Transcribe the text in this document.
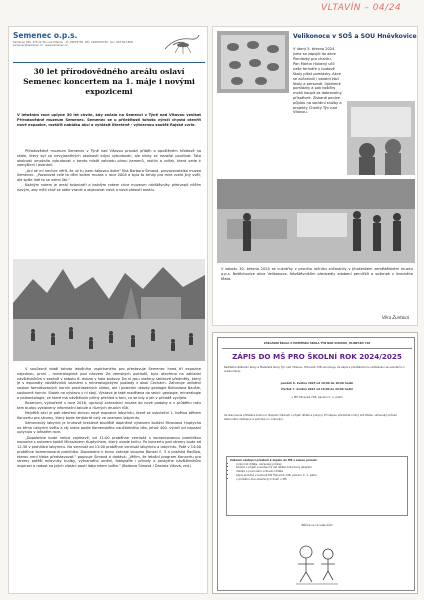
VLTAVÍN – 04/24
Semenec o.p.s.
Semenec 345, 373 24 Týn nad Vltavou · IČ: 28079736, DIČ: CZ28079736 · tel.: 603 503 808 · semenec@semenec.cz · www.semenec.cz
30 let přírodovědného areálu oslaví Semenec koncertem na 1. máje i novými expozicemi
V letošním roce uplyne 30 let chvíle, kdy začalo na Semenci v Týně nad Vltavou vznikat Přírodovědné muzeum Semenec. Semenec se u příležitosti tohoto výročí chystá otevřít nové expozice, rozšířit nabídku akcí a vyhlásit literárně - výtvarnou soutěž Rajské cvrle.

Přírodovědné muzeum Semenec v Týně nad Vltavou provází příběh o opuštěném hřbitově na skále, který byl za nevyjasněných okolností kdysi vybudován, ale nikdy se nezačal používat. Tato okolnost umožnila vybudovat v tomto místě zahradu plnou kamenů, rostlin a zvířat, která vede k zamyšlení i poznání.

„Ani se mi nechce věřit, že už tu jsem takovou dobu" říká Barbora Šimová, provozovatelka muzea Semenec. „Pozorovat celé to dění kolem muzea v roce 2004 a byla to tehdy pro mne zcela jiný svět, ale spíše lidé to se velmi líbí."

Každým rokem je areál kolonizáři a každým rokem chce muzeum návštěvníky překvapit něčím novým, aby měli chuť se stále vracet a objevovat nová a nová zákoutí areálu.

V současné době tohoto letošního uspíchaného pro přestavuje Semenec hned tři expozice najednou, první - mineralogická pod názvem Ze zemských pokladů, bylo otevřeno na základní návštěvníkům v sezóně v sobotu 6. dubna v hale budovy. Do ní jsou vloženy sbírkové předměty, který je s exponáty návštěvníků seznámí s mineralogickými poklady z okolí Čechách. Zahrnuje unikátní soubor formátovaných hornin prochlazených slídou, ale i poslední ukázky geologie Bohuslava Naušle, souborné hornin. Stolek na výstavu v ní stojí. Výstava je také rozdělena do sekcí: geologie, mineralogie a paleontologie, ze které má návštěvník přímý přehled o tom, co se kdy a jak v přírodě vyvíjelo.

Rozarium, vytvořené v roce 2016, upravují zahradníci muzea do nové podoby a v průběhu roku tam budou vystaveny informační tabule o různých druzích růží.

Největší akcí je pak otevření zbrusu nové expozice labyrintu, které se uskuteční 1. května během Koncertu pro stromy, který bude tentokrát celý ve znamení labyrintu.

Semenecký labyrint je kruhové kreslené bludiště doplněné výsevem kolážní Miroslava Huptycha na téma Labyrint světa a ráj srdce podle Komenského naučitelného díla, jehož 400. výročí od napsání uplynulo v loňském roce.

„Dopoledne bude velice zajímavé, od 11:00 proběhne vernisáž s komentovanou prohlídkou expozice s autorem koláží Miroslavem Huptychem, který uvede knihu. Po koncertu pod stromy bude od 12:30 v prohlídce labyrintu. Na vernisáž od 11:00 proběhne vernisáž labyrintu a labyrintu. Poté v 14:00 proběhne komentovaná prohlídka. Dopoledne k tomu zahraje skupina Bonsai č. 3 a pražská Radůza, kterou není třeba představovat." popisuje Šimová a dodává: „Věřím, že letošní program Koncertu pro stromy potěší milovníky hudby, výtvarného umění, fotografie i přírody a poskytne návštěvníkům inspiraci a radost na jejich vlastní pouti labyrintem světa." (Barbora Šimová / Daniela Vítová, red.)

Velikonoce v SOŠ a SOU Hněvkovice

V úterý 5. března 2024 jsme se zapojili do akce Pomlázky pro charitu.

Pan Martin Hubený učil naše fermáře v budově školy plést pomlázky. Akce se zúčastnili i ostatní žáci školy a personál. Upletené pomlázky a pak košíčky mohli koupit za dobrovolný příspěvek. Získané peníze půjdou na sociální služby a projekty Charity Týn nad Vltavou.

V sobotu 30. března 2024 se cukrářky z prvního ročníku zúčastnily v Jihočeském zemědělském muzeu o.p.s. Netěchovice akce Velikonoce. Návštěvníkům předvedly zdobení perníčků a sušenek z lineckého těsta.
Věra Zuntová
ZÁKLADNÍ ŠKOLA A MATEŘSKÁ ŠKOLA TÝN NAD VLTAVOU, HLINECKÁ 728
ZÁPIS DO MŠ PRO ŠKOLNÍ ROK 2024/2025
Ředitelka Základní školy a Mateřské školy Týn nad Vltavou, Hlinecká 728 oznamuje, že zápis k předškolnímu vzdělávání se uskuteční v areálu školy:
pondělí 6. května 2024 od 10:00 do 16:00 hodin
čtvrtek 7. května 2024 od 10:00 do 16:00 hodin
v MŠ Hlinecká 728, pavilon C, 1. patro
Ve stanovené přihlášce budou k dispozici žádosti o přijetí dítěte a pokyny. Při zápisu předložte rodný list dítěte, občanský průkaz zákonného zástupce a potvrzení o očkování.
Zákonní zástupci předloží k zápisu do MŠ s sebou prosím:
• rodný list dítěte, občanský průkaz
• žádost o přijetí a evidenční list dítěte potvrzený lékařem
• doklad o povinném očkování dítěte
• zápis probíhá v budově MŠ Hlinecká 728, pavilon C, 1. patro
• v průběhu dne otevřených dveří v MŠ
Těšíme se na vaše děti!
